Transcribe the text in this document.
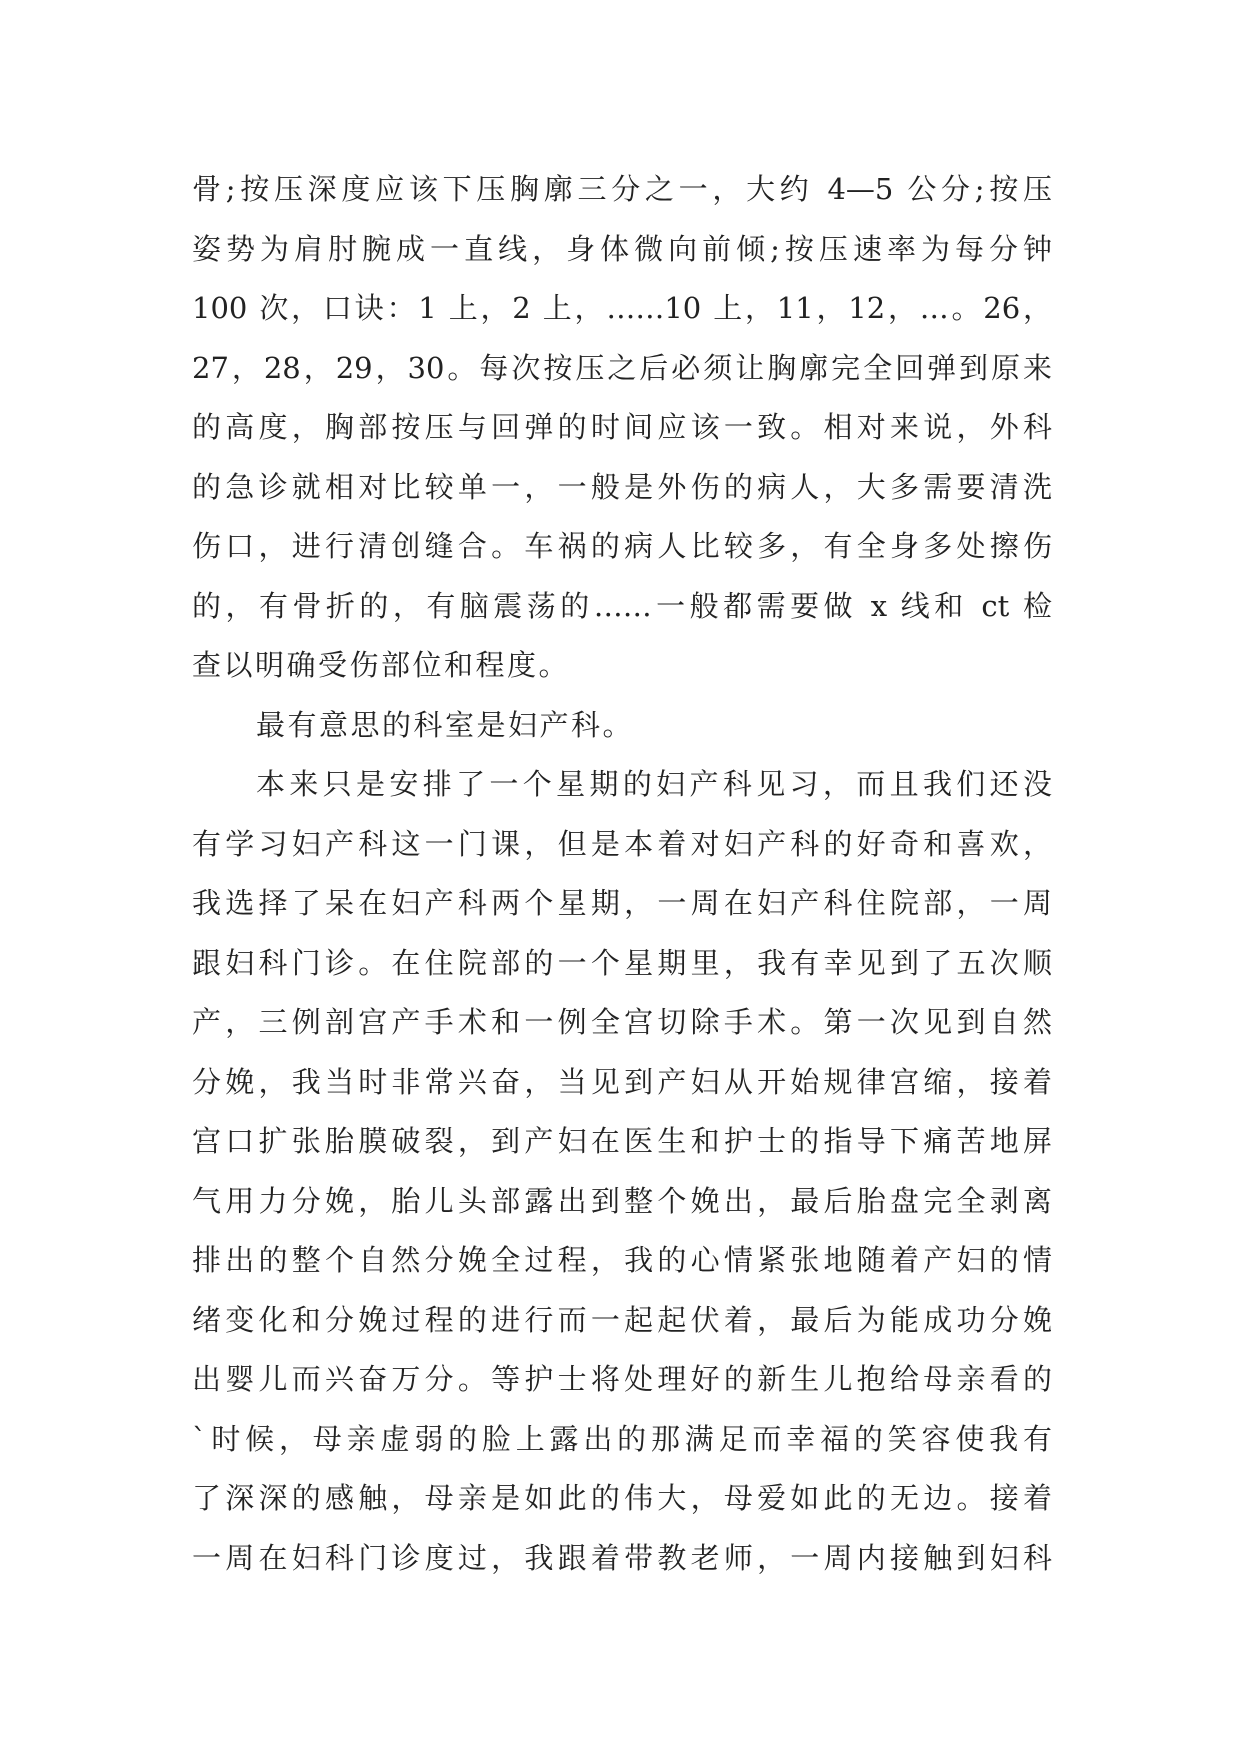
骨;按压深度应该下压胸廓三分之一，大约 4—5 公分;按压
姿势为肩肘腕成一直线，身体微向前倾;按压速率为每分钟
100 次，口诀：1 上，2 上，……10 上，11，12，…。26，
27，28，29，30。每次按压之后必须让胸廓完全回弹到原来
的高度，胸部按压与回弹的时间应该一致。相对来说，外科
的急诊就相对比较单一，一般是外伤的病人，大多需要清洗
伤口，进行清创缝合。车祸的病人比较多，有全身多处擦伤
的，有骨折的，有脑震荡的……一般都需要做 x 线和 ct 检
查以明确受伤部位和程度。
最有意思的科室是妇产科。
本来只是安排了一个星期的妇产科见习，而且我们还没
有学习妇产科这一门课，但是本着对妇产科的好奇和喜欢，
我选择了呆在妇产科两个星期，一周在妇产科住院部，一周
跟妇科门诊。在住院部的一个星期里，我有幸见到了五次顺
产，三例剖宫产手术和一例全宫切除手术。第一次见到自然
分娩，我当时非常兴奋，当见到产妇从开始规律宫缩，接着
宫口扩张胎膜破裂，到产妇在医生和护士的指导下痛苦地屏
气用力分娩，胎儿头部露出到整个娩出，最后胎盘完全剥离
排出的整个自然分娩全过程，我的心情紧张地随着产妇的情
绪变化和分娩过程的进行而一起起伏着，最后为能成功分娩
出婴儿而兴奋万分。等护士将处理好的新生儿抱给母亲看的
`时候，母亲虚弱的脸上露出的那满足而幸福的笑容使我有
了深深的感触，母亲是如此的伟大，母爱如此的无边。接着
一周在妇科门诊度过，我跟着带教老师，一周内接触到妇科
